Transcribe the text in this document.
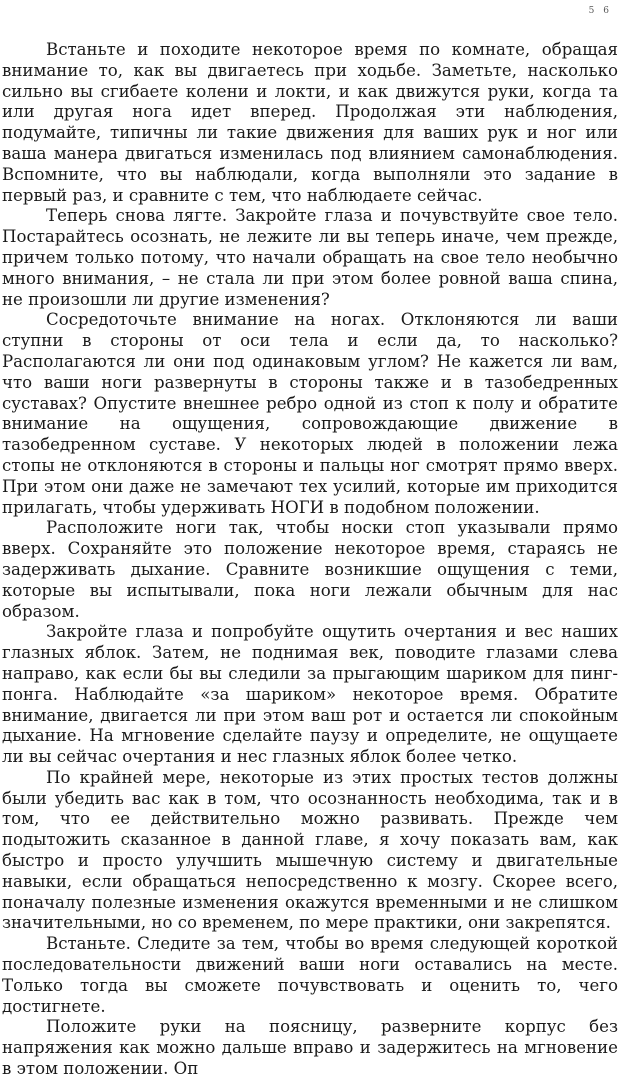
5 6

Встаньте и походите некоторое время по комнате, обращая внимание то, как вы двигаетесь при ходьбе. Заметьте, насколько сильно вы сгибаете колени и локти, и как движутся руки, когда та или другая нога идет вперед. Продолжая эти наблюдения, подумайте, типичны ли такие движения для ваших рук и ног или ваша манера двигаться изменилась под влиянием самонаблюдения. Вспомните, что вы наблюдали, когда выполняли это задание в первый раз, и сравните с тем, что наблюдаете сейчас.

Теперь снова лягте. Закройте глаза и почувствуйте свое тело. Постарайтесь осознать, не лежите ли вы теперь иначе, чем прежде, причем только потому, что начали обращать на свое тело необычно много внимания, – не стала ли при этом более ровной ваша спина, не произошли ли другие изменения?

Сосредоточьте внимание на ногах. Отклоняются ли ваши ступни в стороны от оси тела и если да, то насколько? Располагаются ли они под одинаковым углом? Не кажется ли вам, что ваши ноги развернуты в стороны также и в тазобедренных суставах? Опустите внешнее ребро одной из стоп к полу и обратите внимание на ощущения, сопровождающие движение в тазобедренном суставе. У некоторых людей в положении лежа стопы не отклоняются в стороны и пальцы ног смотрят прямо вверх. При этом они даже не замечают тех усилий, которые им приходится прилагать, чтобы удерживать НОГИ в подобном положении.

Расположите ноги так, чтобы носки стоп указывали прямо вверх. Сохраняйте это положение некоторое время, стараясь не задерживать дыхание. Сравните возникшие ощущения с теми, которые вы испытывали, пока ноги лежали обычным для нас образом.

Закройте глаза и попробуйте ощутить очертания и вес наших глазных яблок. Затем, не поднимая век, поводите глазами слева направо, как если бы вы следили за прыгающим шариком для пинг-понга. Наблюдайте «за шариком» некоторое время. Обратите внимание, двигается ли при этом ваш рот и остается ли спокойным дыхание. На мгновение сделайте паузу и определите, не ощущаете ли вы сейчас очертания и нес глазных яблок более четко.

По крайней мере, некоторые из этих простых тестов должны были убедить вас как в том, что осознанность необходима, так и в том, что ее действительно можно развивать. Прежде чем подытожить сказанное в данной главе, я хочу показать вам, как быстро и просто улучшить мышечную систему и двигательные навыки, если обращаться непосредственно к мозгу. Скорее всего, поначалу полезные изменения окажутся временными и не слишком значительными, но со временем, по мере практики, они закрепятся.

Встаньте. Следите за тем, чтобы во время следующей короткой последовательности движений ваши ноги оставались на месте. Только тогда вы сможете почувствовать и оценить то, чего достигнете.

Положите руки на поясницу, разверните корпус без напряжения как можно дальше вправо и задержитесь на мгновение в этом положении. Оп
